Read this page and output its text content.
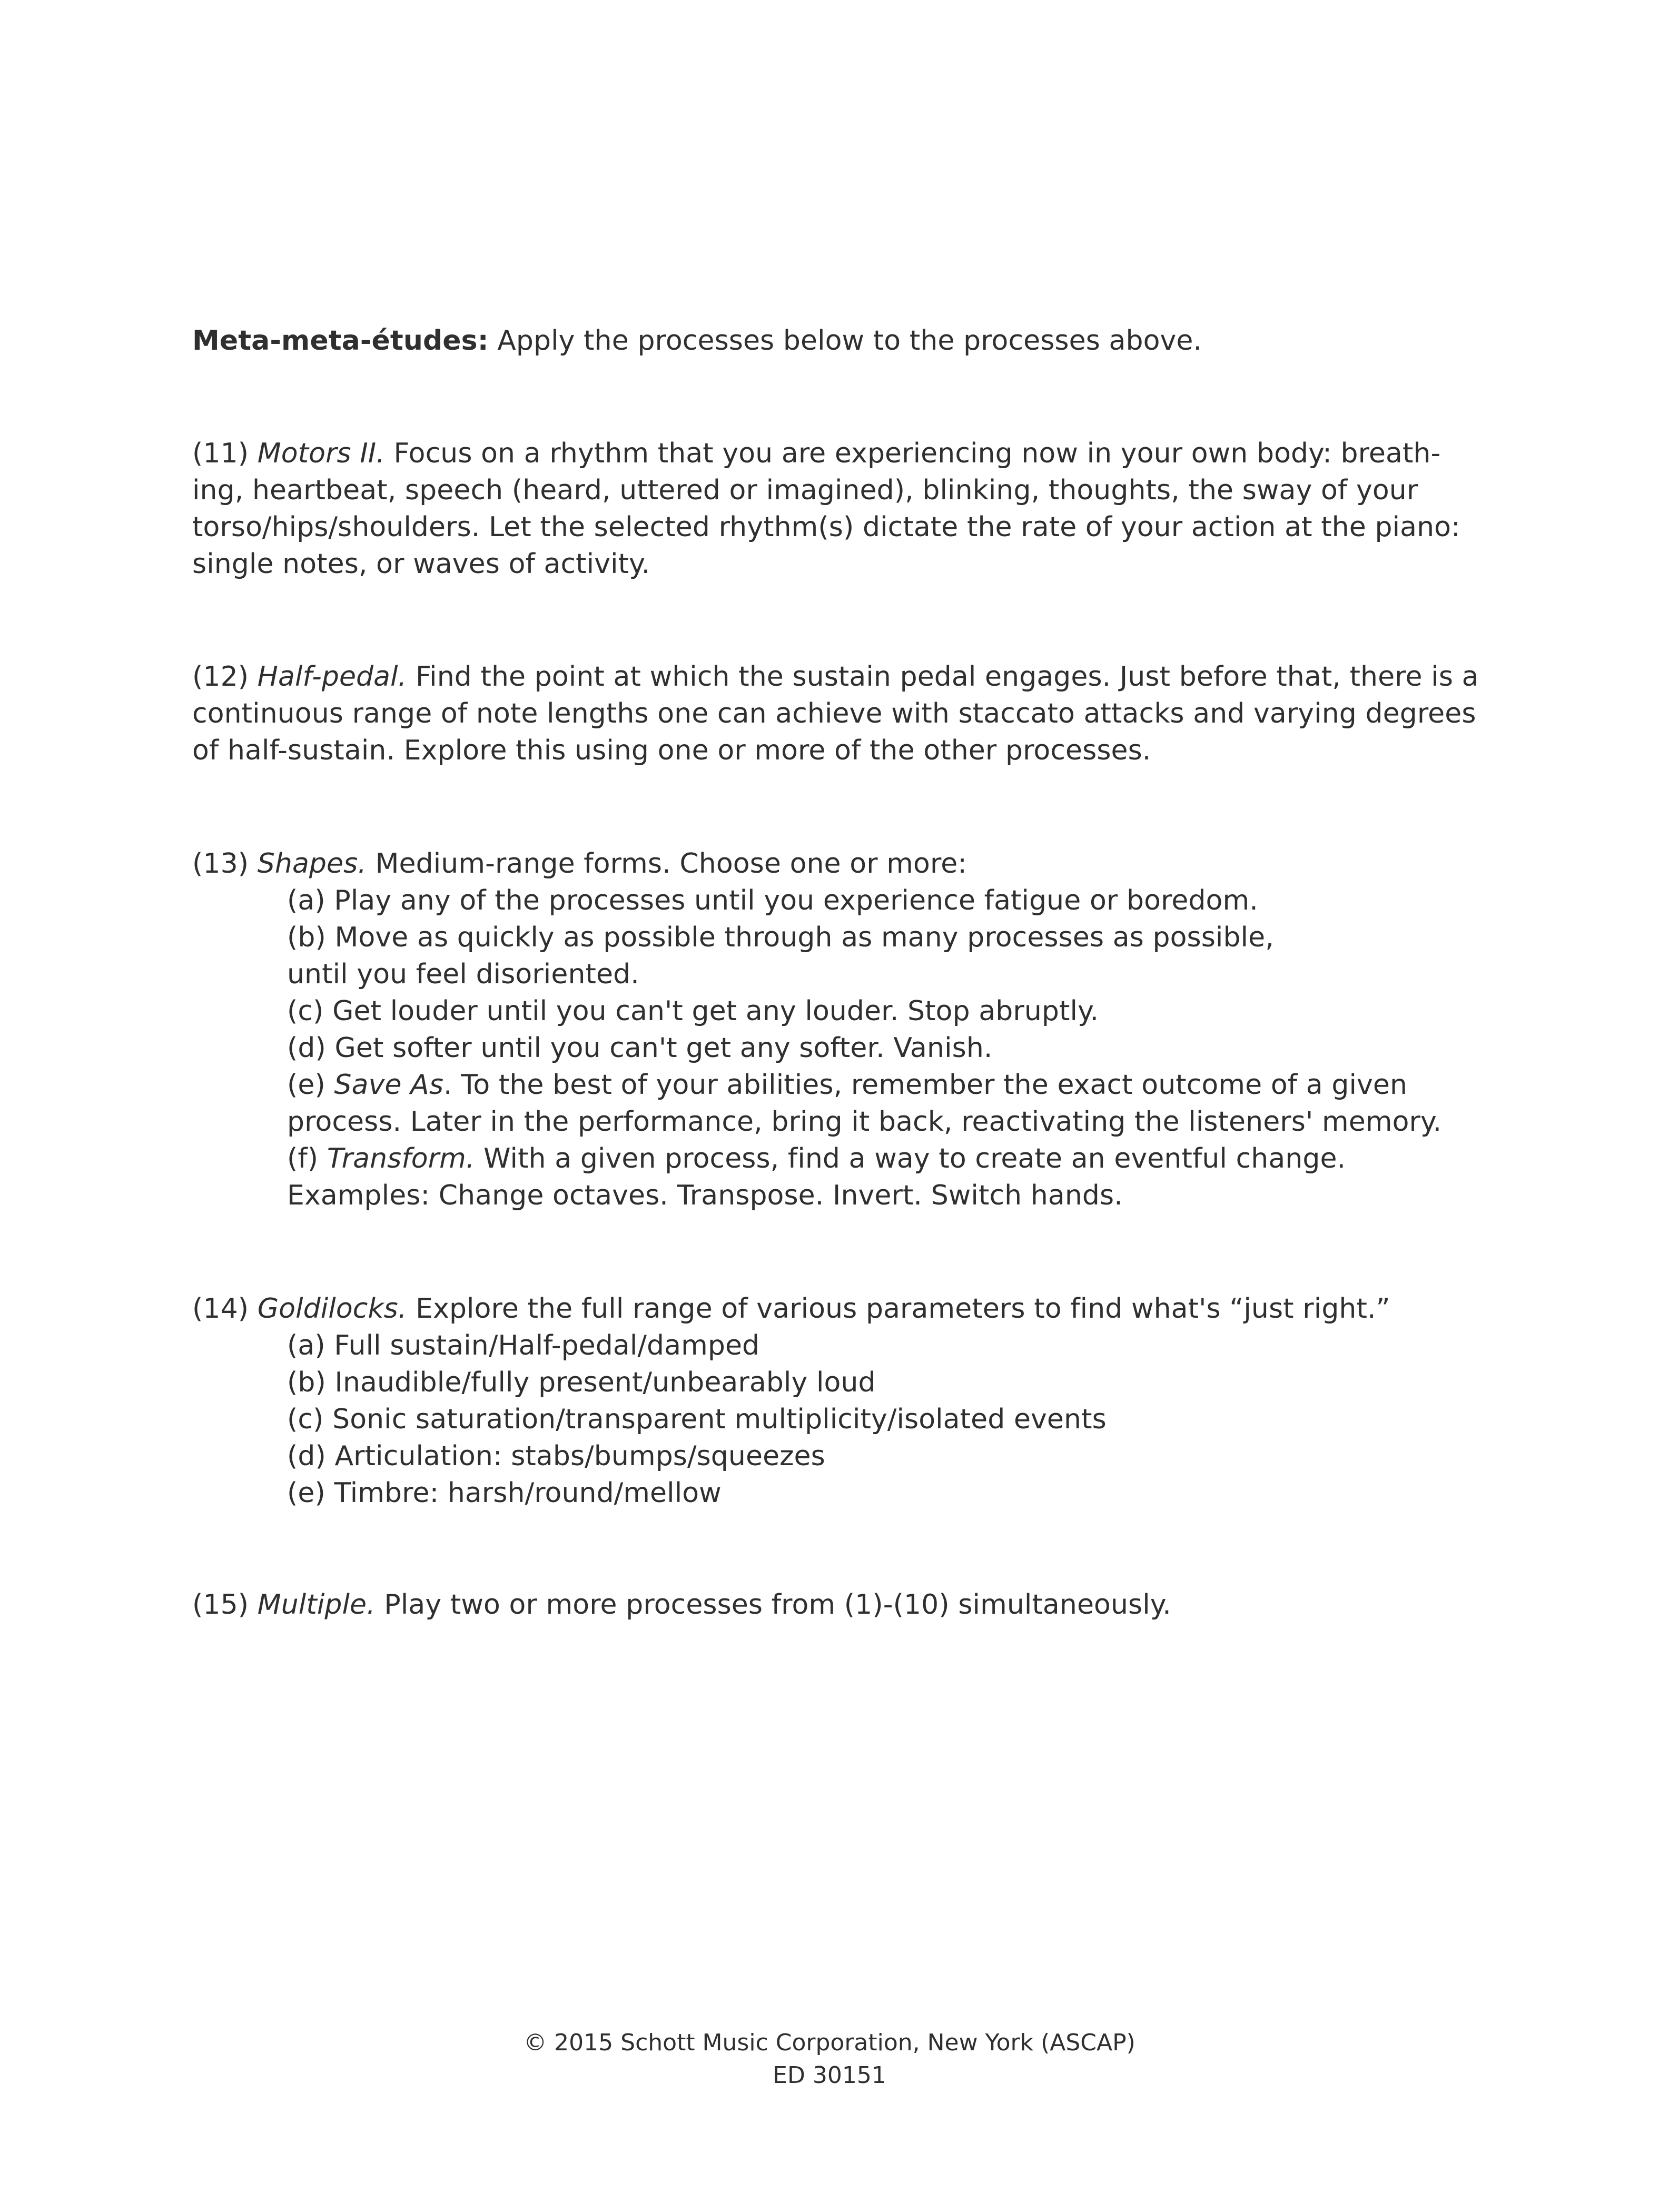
Meta-meta-études: Apply the processes below to the processes above.
(11) Motors II. Focus on a rhythm that you are experiencing now in your own body: breath-
ing, heartbeat, speech (heard, uttered or imagined), blinking, thoughts, the sway of your
torso/hips/shoulders. Let the selected rhythm(s) dictate the rate of your action at the piano:
single notes, or waves of activity.
(12) Half-pedal. Find the point at which the sustain pedal engages. Just before that, there is a
continuous range of note lengths one can achieve with staccato attacks and varying degrees
of half-sustain. Explore this using one or more of the other processes.
(13) Shapes. Medium-range forms. Choose one or more:
(a) Play any of the processes until you experience fatigue or boredom.
(b) Move as quickly as possible through as many processes as possible,
until you feel disoriented.
(c) Get louder until you can't get any louder. Stop abruptly.
(d) Get softer until you can't get any softer. Vanish.
(e) Save As. To the best of your abilities, remember the exact outcome of a given
process. Later in the performance, bring it back, reactivating the listeners' memory.
(f) Transform. With a given process, find a way to create an eventful change.
Examples: Change octaves. Transpose. Invert. Switch hands.
(14) Goldilocks. Explore the full range of various parameters to find what's “just right.”
(a) Full sustain/Half-pedal/damped
(b) Inaudible/fully present/unbearably loud
(c) Sonic saturation/transparent multiplicity/isolated events
(d) Articulation: stabs/bumps/squeezes
(e) Timbre: harsh/round/mellow
(15) Multiple. Play two or more processes from (1)-(10) simultaneously.
© 2015 Schott Music Corporation, New York (ASCAP)
ED 30151
